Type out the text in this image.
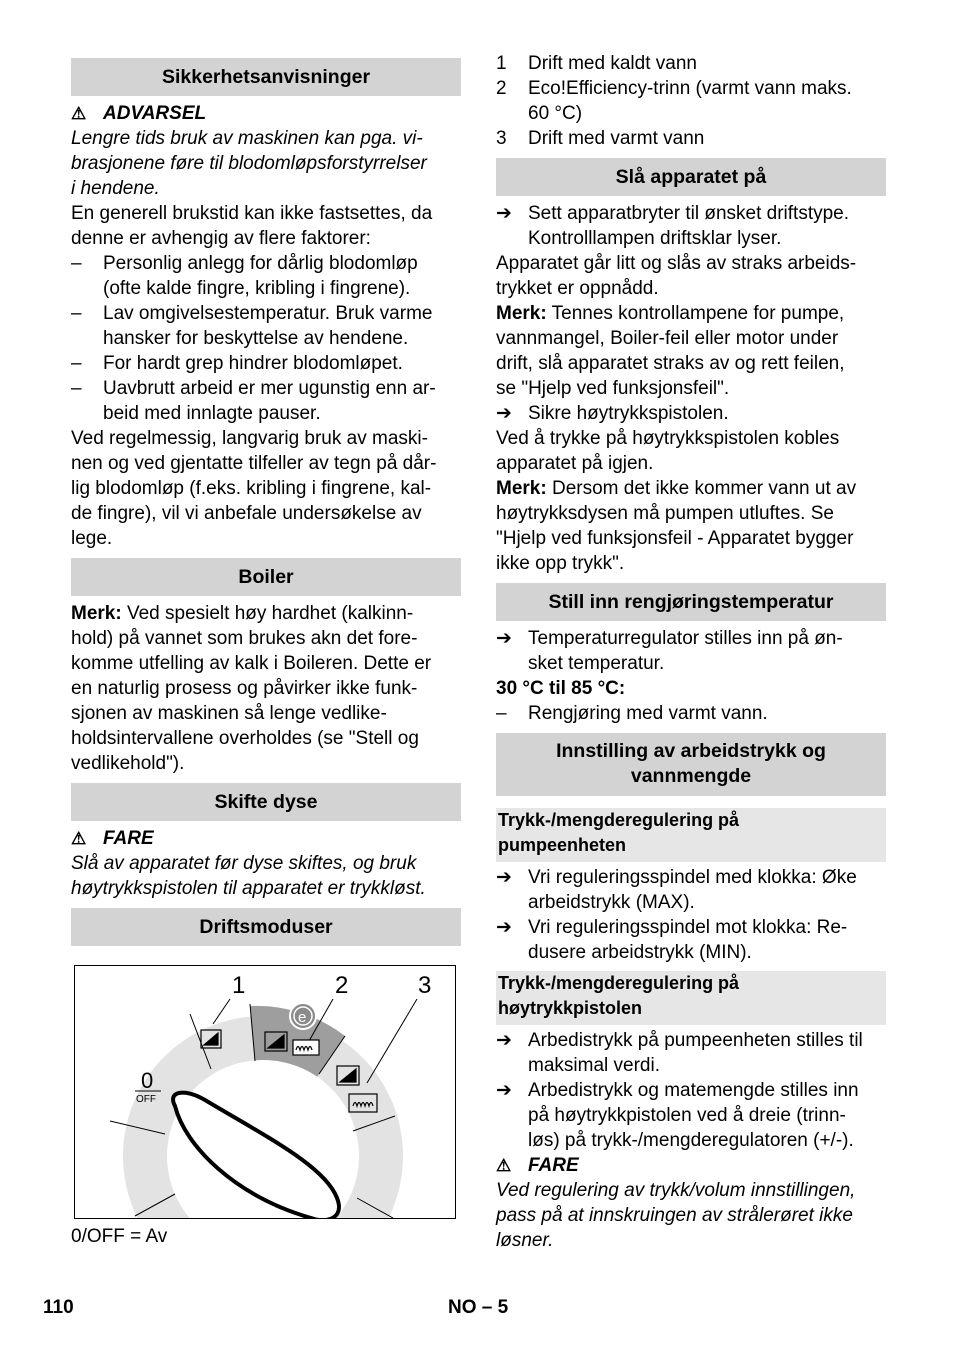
Sikkerhetsanvisninger
⚠ ADVARSEL
Lengre tids bruk av maskinen kan pga. vi-
brasjonene føre til blodomløpsforstyrrelser
i hendene.
En generell brukstid kan ikke fastsettes, da
denne er avhengig av flere faktorer:
– Personlig anlegg for dårlig blodomløp
(ofte kalde fingre, kribling i fingrene).
– Lav omgivelsestemperatur. Bruk varme
hansker for beskyttelse av hendene.
– For hardt grep hindrer blodomløpet.
– Uavbrutt arbeid er mer ugunstig enn ar-
beid med innlagte pauser.
Ved regelmessig, langvarig bruk av maski-
nen og ved gjentatte tilfeller av tegn på dår-
lig blodomløp (f.eks. kribling i fingrene, kal-
de fingre), vil vi anbefale undersøkelse av
lege.
Boiler
Merk: Ved spesielt høy hardhet (kalkinn-
hold) på vannet som brukes akn det fore-
komme utfelling av kalk i Boileren. Dette er
en naturlig prosess og påvirker ikke funk-
sjonen av maskinen så lenge vedlike-
holdsintervallene overholdes (se "Stell og
vedlikehold").
Skifte dyse
⚠ FARE
Slå av apparatet før dyse skiftes, og bruk
høytrykkspistolen til apparatet er trykkløst.
Driftsmoduser
1	2	3
0
OFF
e
0/OFF = Av
1 Drift med kaldt vann
2 Eco!Efficiency-trinn (varmt vann maks.
60 °C)
3 Drift med varmt vann
Slå apparatet på
➔ Sett apparatbryter til ønsket driftstype.
Kontrolllampen driftsklar lyser.
Apparatet går litt og slås av straks arbeids-
trykket er oppnådd.
Merk: Tennes kontrollampene for pumpe,
vannmangel, Boiler-feil eller motor under
drift, slå apparatet straks av og rett feilen,
se "Hjelp ved funksjonsfeil".
➔ Sikre høytrykkspistolen.
Ved å trykke på høytrykkspistolen kobles
apparatet på igjen.
Merk: Dersom det ikke kommer vann ut av
høytrykksdysen må pumpen utluftes. Se
"Hjelp ved funksjonsfeil - Apparatet bygger
ikke opp trykk".
Still inn rengjøringstemperatur
➔ Temperaturregulator stilles inn på øn-
sket temperatur.
30 °C til 85 °C:
– Rengjøring med varmt vann.
Innstilling av arbeidstrykk og
vannmengde
Trykk-/mengderegulering på
pumpeenheten
➔ Vri reguleringsspindel med klokka: Øke
arbeidstrykk (MAX).
➔ Vri reguleringsspindel mot klokka: Re-
dusere arbeidstrykk (MIN).
Trykk-/mengderegulering på
høytrykkpistolen
➔ Arbedistrykk på pumpeenheten stilles til
maksimal verdi.
➔ Arbedistrykk og matemengde stilles inn
på høytrykkpistolen ved å dreie (trinn-
løs) på trykk-/mengderegulatoren (+/-).
⚠ FARE
Ved regulering av trykk/volum innstillingen,
pass på at innskruingen av strålerøret ikke
løsner.
110	NO – 5
